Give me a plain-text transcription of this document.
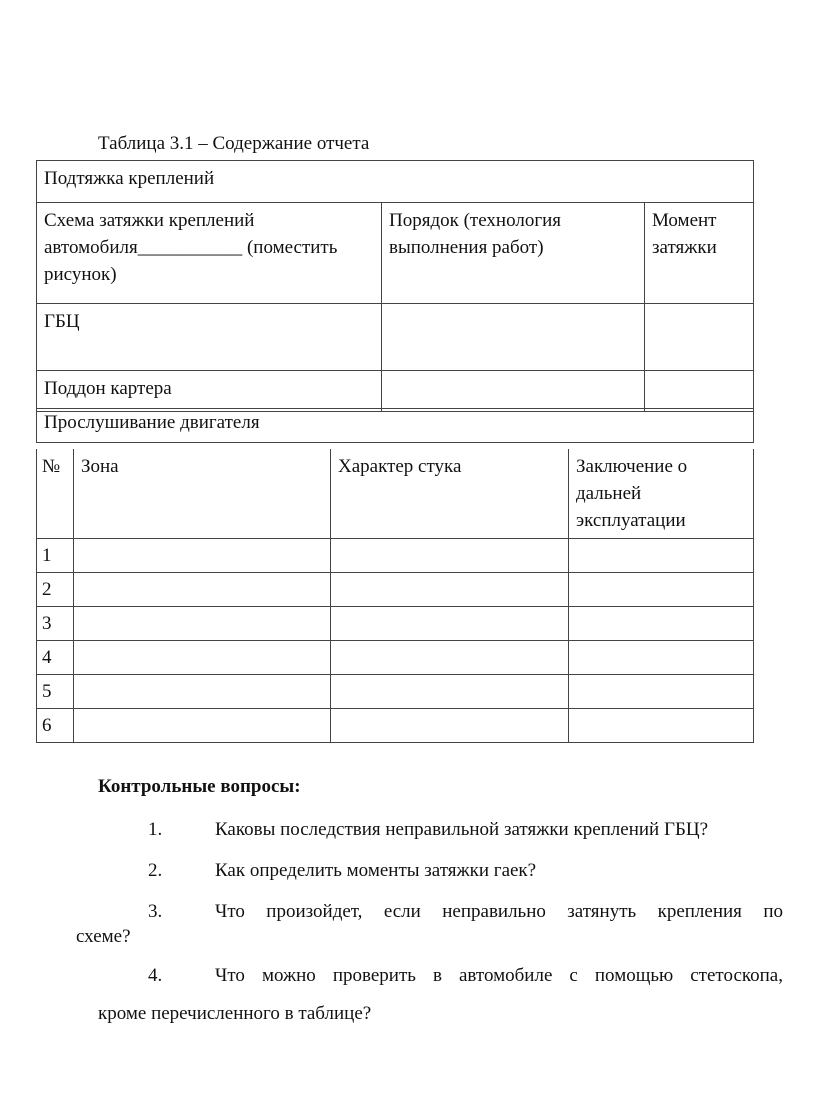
Таблица 3.1 – Содержание отчета
Подтяжка креплений		
Схема затяжки креплений автомобиля___________ (поместить рисунок)	Порядок (технология выполнения работ)	Момент затяжки
ГБЦ		
Поддон картера		
Прослушивание двигателя
№	Зона	Характер стука	Заключение о дальней эксплуатации
1			
2			
3			
4			
5			
6			
Контрольные вопросы:
1.	Каковы последствия неправильной затяжки креплений ГБЦ?
2.	Как определить моменты затяжки гаек?
3.	Что произойдет, если неправильно затянуть крепления по
схеме?
4.	Что можно проверить в автомобиле с помощью стетоскопа,
кроме перечисленного в таблице?
